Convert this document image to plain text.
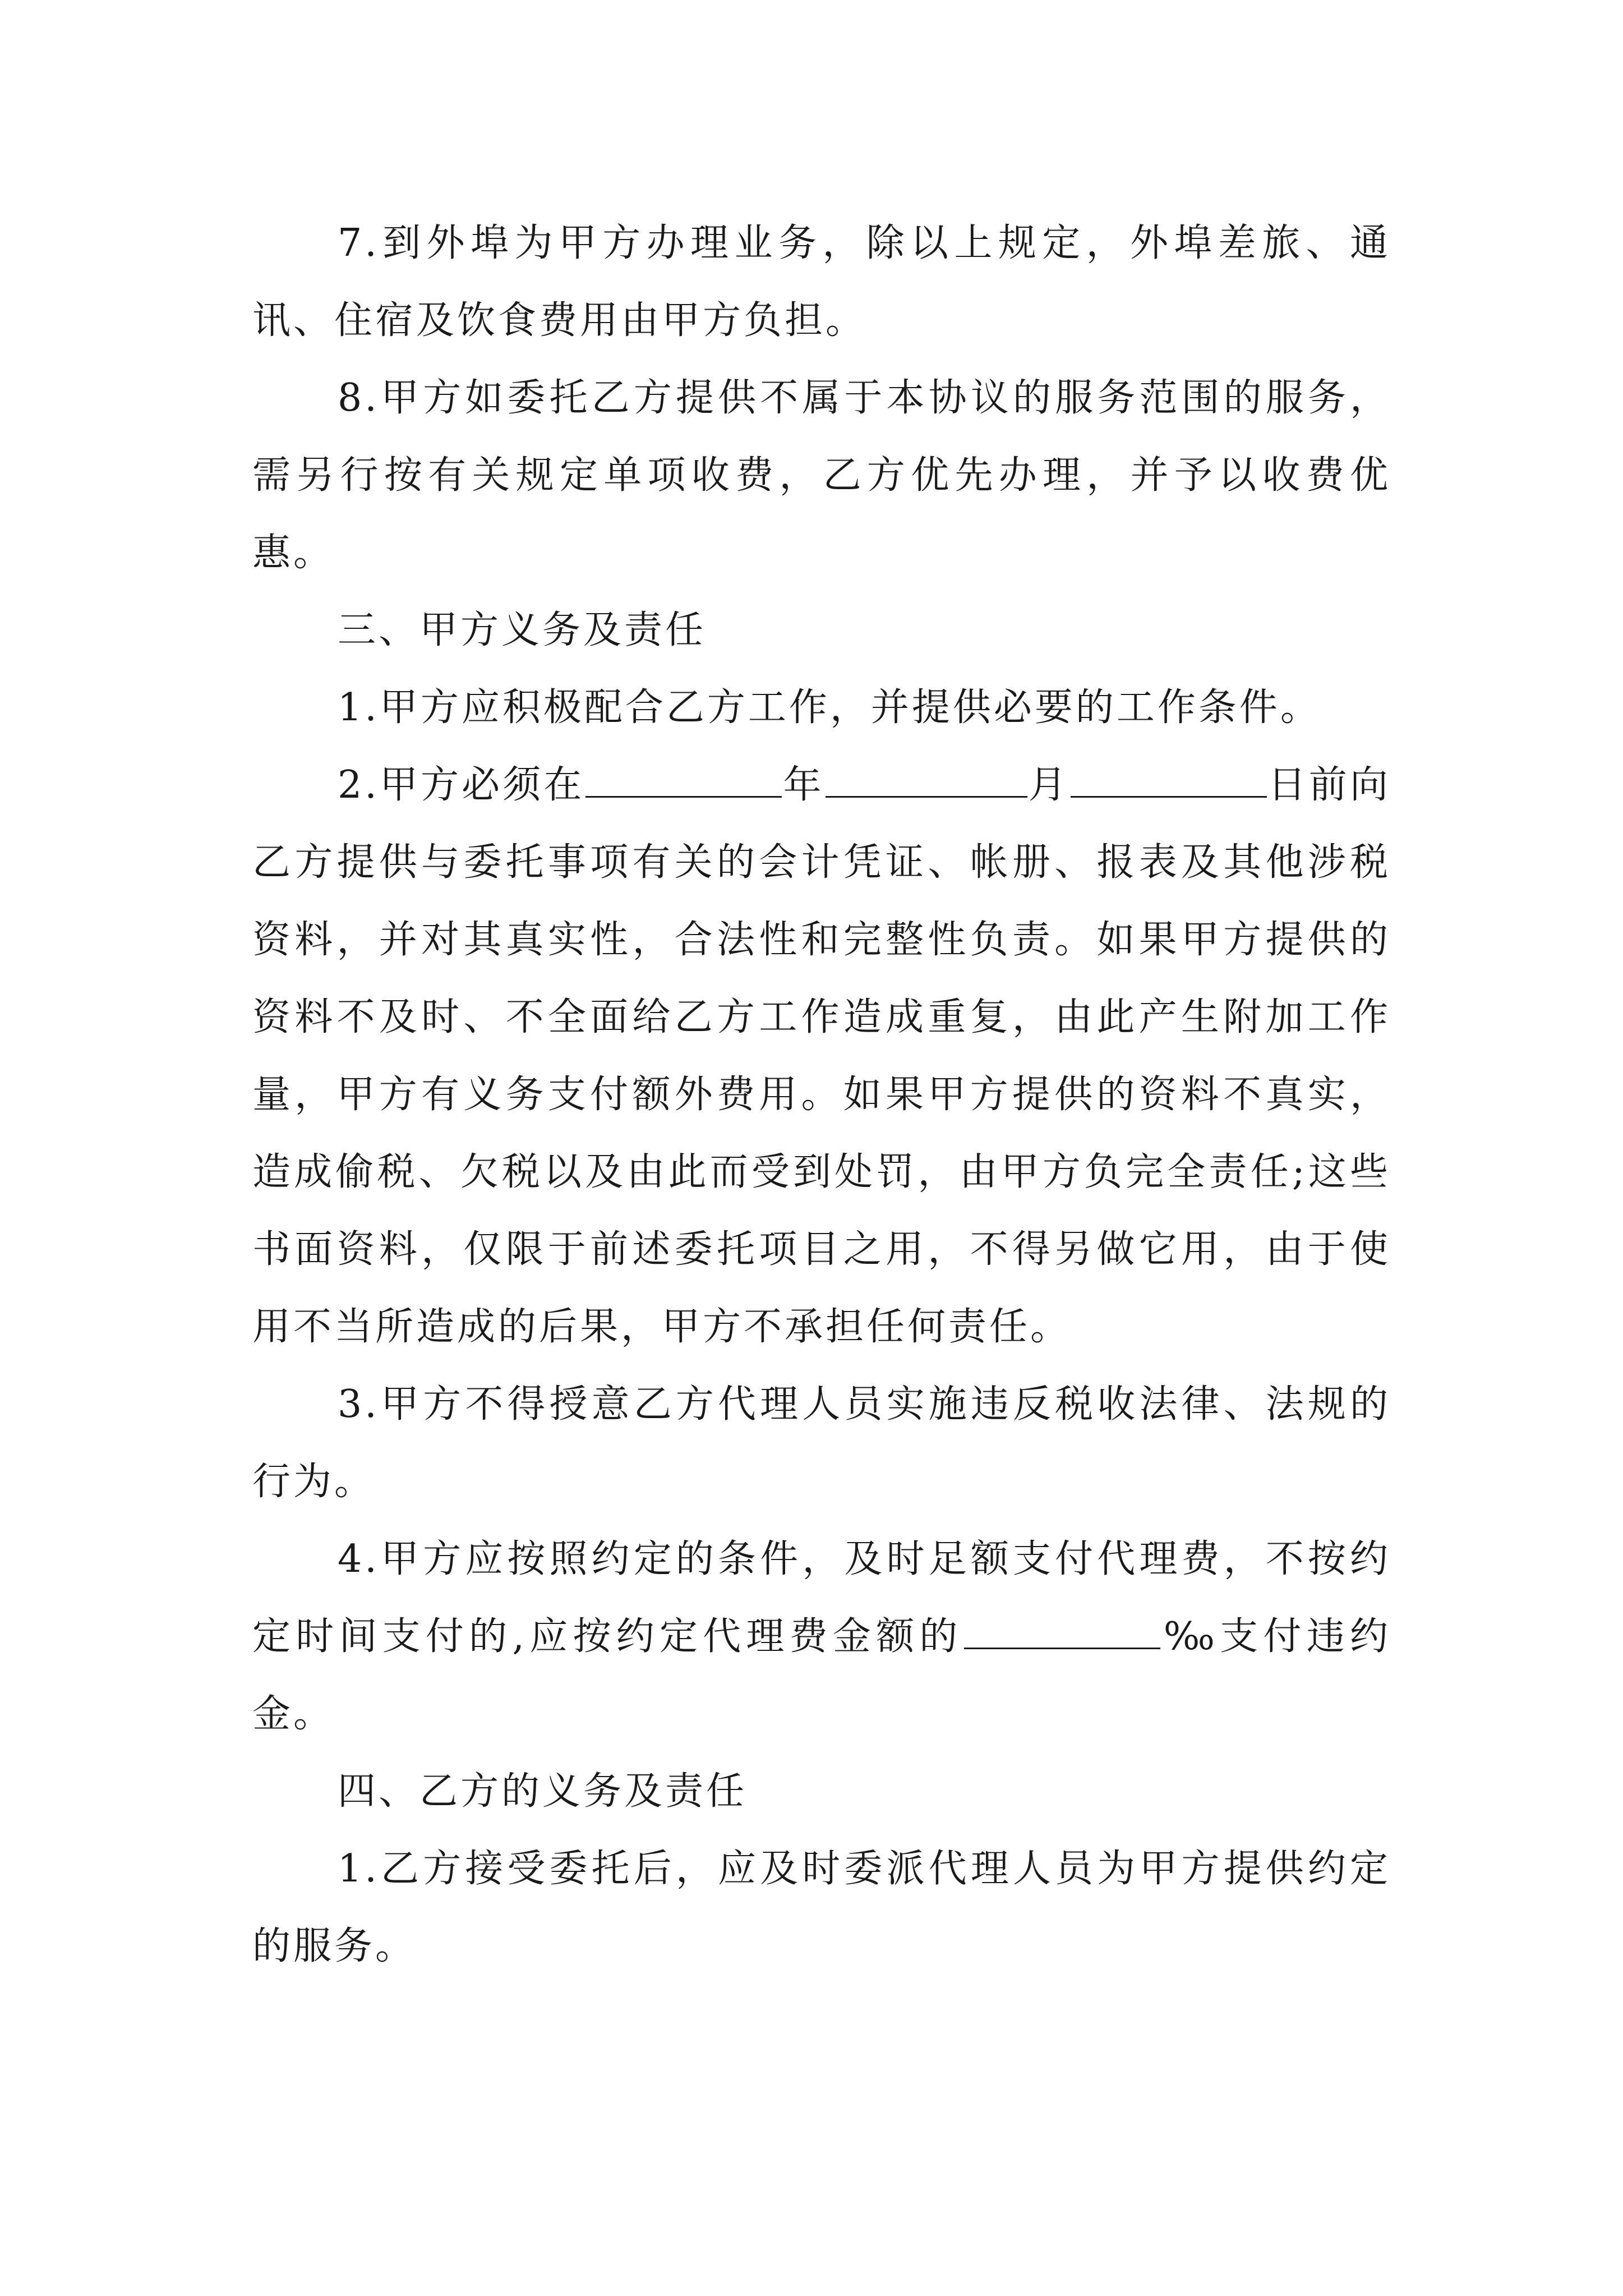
7.到外埠为甲方办理业务，除以上规定，外埠差旅、通讯、住宿及饮食费用由甲方负担。

8.甲方如委托乙方提供不属于本协议的服务范围的服务，需另行按有关规定单项收费，乙方优先办理，并予以收费优惠。

三、甲方义务及责任

1.甲方应积极配合乙方工作，并提供必要的工作条件。

2.甲方必须在	年	月	日前向乙方提供与委托事项有关的会计凭证、帐册、报表及其他涉税资料，并对其真实性，合法性和完整性负责。如果甲方提供的资料不及时、不全面给乙方工作造成重复，由此产生附加工作量，甲方有义务支付额外费用。如果甲方提供的资料不真实，造成偷税、欠税以及由此而受到处罚，由甲方负完全责任;这些书面资料，仅限于前述委托项目之用，不得另做它用，由于使用不当所造成的后果，甲方不承担任何责任。

3.甲方不得授意乙方代理人员实施违反税收法律、法规的行为。

4.甲方应按照约定的条件，及时足额支付代理费，不按约定时间支付的,应按约定代理费金额的	‰支付违约金。

四、乙方的义务及责任

1.乙方接受委托后，应及时委派代理人员为甲方提供约定的服务。
